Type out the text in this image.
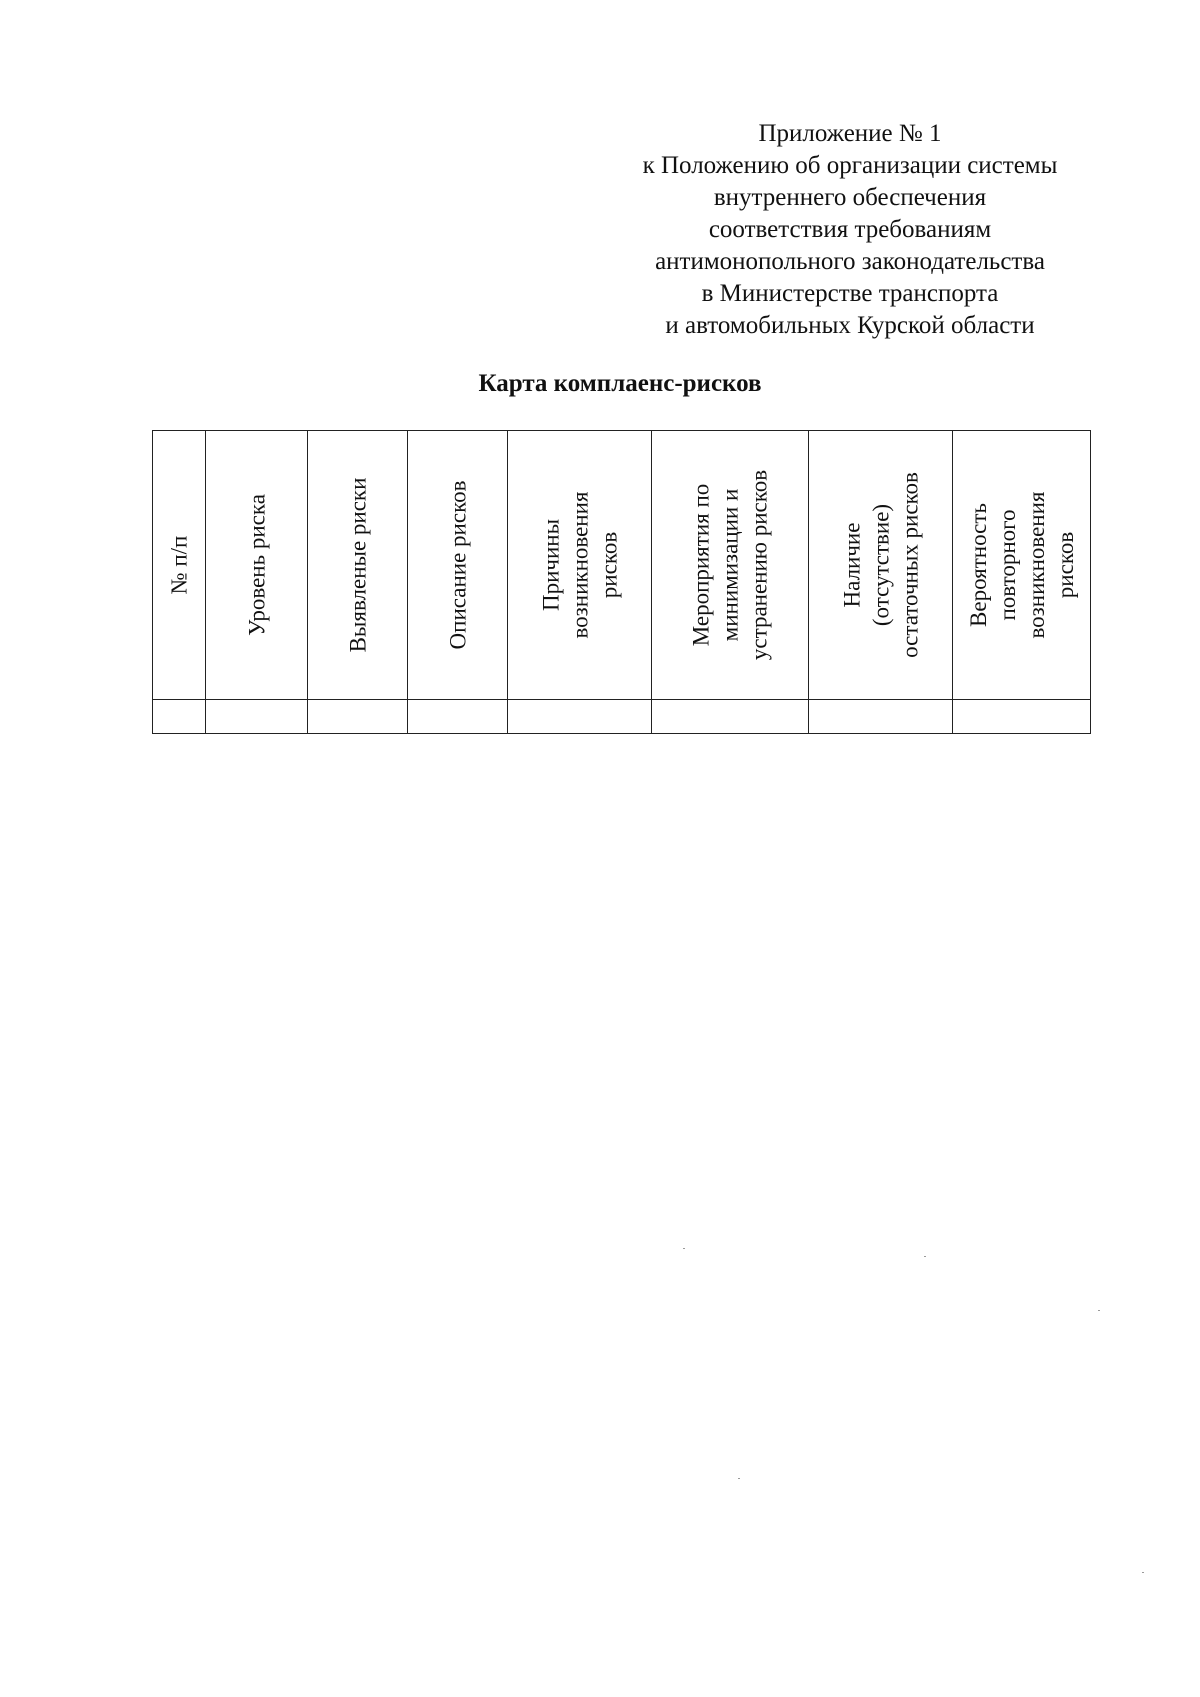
Приложение № 1
к Положению об организации системы
внутреннего обеспечения
соответствия требованиям
антимонопольного законодательства
в Министерстве транспорта
и автомобильных Курской области
Карта комплаенс-рисков
№ п/п	Уровень риска	Выявленые риски	Описание рисков	Причины возникновения рисков	Мероприятия по минимизации и устранению рисков	Наличие (отсутствие) остаточных рисков	Вероятность повторного возникновения рисков
